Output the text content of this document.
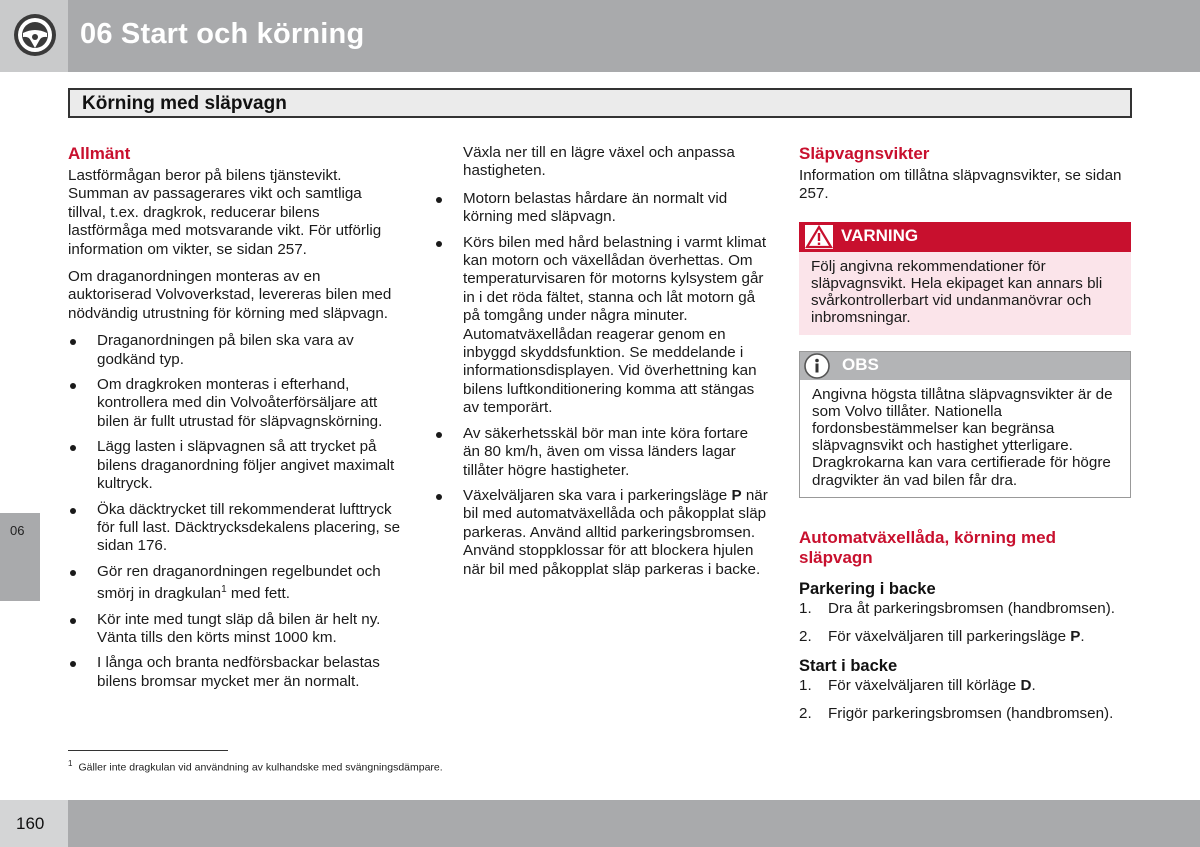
06 Start och körning
Körning med släpvagn
06
Allmänt

Lastförmågan beror på bilens tjänstevikt. Summan av passagerares vikt och samtliga tillval, t.ex. dragkrok, reducerar bilens lastförmåga med motsvarande vikt. För utförlig information om vikter, se sidan 257.

Om draganordningen monteras av en auktoriserad Volvoverkstad, levereras bilen med nödvändig utrustning för körning med släpvagn.

Draganordningen på bilen ska vara av godkänd typ.
Om dragkroken monteras i efterhand, kontrollera med din Volvoåterförsäljare att bilen är fullt utrustad för släpvagnskörning.
Lägg lasten i släpvagnen så att trycket på bilens draganordning följer angivet maximalt kultryck.
Öka däcktrycket till rekommenderat lufttryck för full last. Däcktrycksdekalens placering, se sidan 176.
Gör ren draganordningen regelbundet och smörj in dragkulan$^1$ med fett.
Kör inte med tungt släp då bilen är helt ny. Vänta tills den körts minst 1000 km.
I långa och branta nedförsbackar belastas bilens bromsar mycket mer än normalt.

Växla ner till en lägre växel och anpassa hastigheten.

Motorn belastas hårdare än normalt vid körning med släpvagn.
Körs bilen med hård belastning i varmt klimat kan motorn och växellådan överhettas. Om temperaturvisaren för motorns kylsystem går in i det röda fältet, stanna och låt motorn gå på tomgång under några minuter. Automatväxellådan reagerar genom en inbyggd skyddsfunktion. Se meddelande i informationsdisplayen. Vid överhettning kan bilens luftkonditionering komma att stängas av temporärt.
Av säkerhetsskäl bör man inte köra fortare än 80 km/h, även om vissa länders lagar tillåter högre hastigheter.
Växelväljaren ska vara i parkeringsläge P när bil med automatväxellåda och påkopplat släp parkeras. Använd alltid parkeringsbromsen. Använd stoppklossar för att blockera hjulen när bil med påkopplat släp parkeras i backe.
Släpvagnsvikter

Information om tillåtna släpvagnsvikter, se sidan 257.

VARNING
Följ angivna rekommendationer för släpvagnsvikt. Hela ekipaget kan annars bli svårkontrollerbart vid undanmanövrar och inbromsningar.
OBS
Angivna högsta tillåtna släpvagnsvikter är de som Volvo tillåter. Nationella fordonsbestämmelser kan begränsa släpvagnsvikt och hastighet ytterligare. Dragkrokarna kan vara certifierade för högre dragvikter än vad bilen får dra.
Automatväxellåda, körning med släpvagn
Parkering i backe
1. Dra åt parkeringsbromsen (handbromsen).
2. För växelväljaren till parkeringsläge P.
Start i backe
1. För växelväljaren till körläge D.
2. Frigör parkeringsbromsen (handbromsen).
$^1$ Gäller inte dragkulan vid användning av kulhandske med svängningsdämpare.
160
